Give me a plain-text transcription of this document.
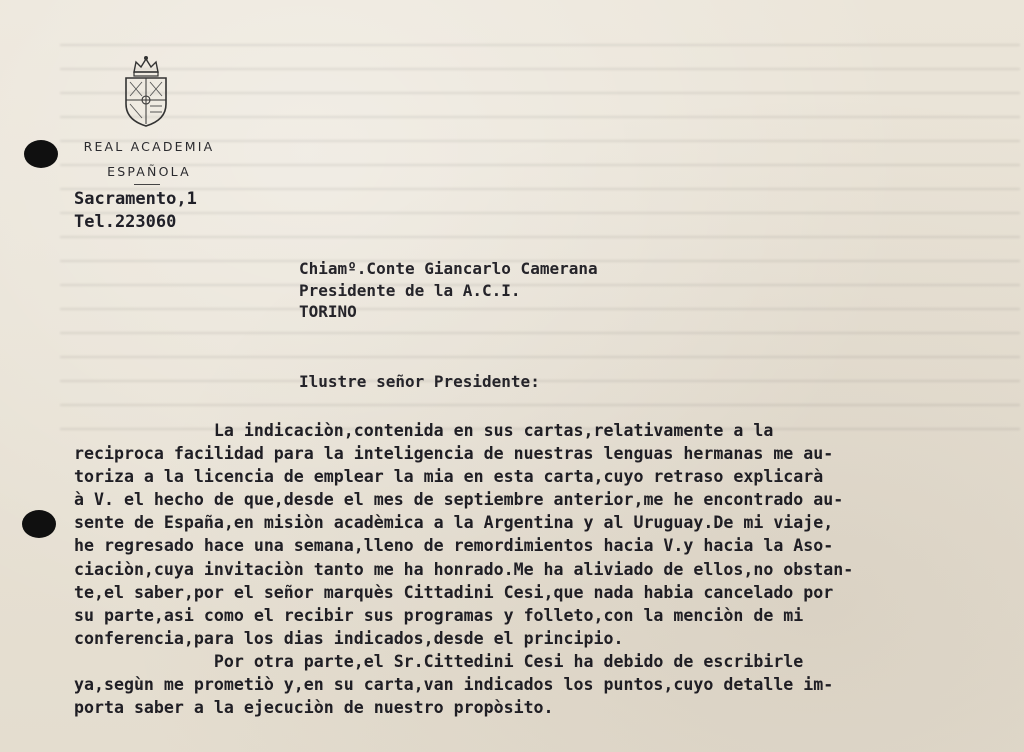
REAL ACADEMIA
ESPAÑOLA
Sacramento,1
Tel.223060
Chiamº.Conte Giancarlo Camerana
Presidente de la A.C.I.
TORINO
Ilustre señor Presidente:
La indicaciòn,contenida en sus cartas,relativamente a la
reciproca facilidad para la inteligencia de nuestras lenguas hermanas me au-
toriza a la licencia de emplear la mia en esta carta,cuyo retraso explicarà
à V. el hecho de que,desde el mes de septiembre anterior,me he encontrado au-
sente de España,en misiòn acadèmica a la Argentina y al Uruguay.De mi viaje,
he regresado hace una semana,lleno de remordimientos hacia V.y hacia la Aso-
ciaciòn,cuya invitaciòn tanto me ha honrado.Me ha aliviado de ellos,no obstan-
te,el saber,por el señor marquès Cittadini Cesi,que nada habia cancelado por
su parte,asi como el recibir sus programas y folleto,con la menciòn de mi
conferencia,para los dias indicados,desde el principio.
Por otra parte,el Sr.Cittedini Cesi ha debido de escribirle
ya,segùn me prometiò y,en su carta,van indicados los puntos,cuyo detalle im-
porta saber a la ejecuciòn de nuestro propòsito.
